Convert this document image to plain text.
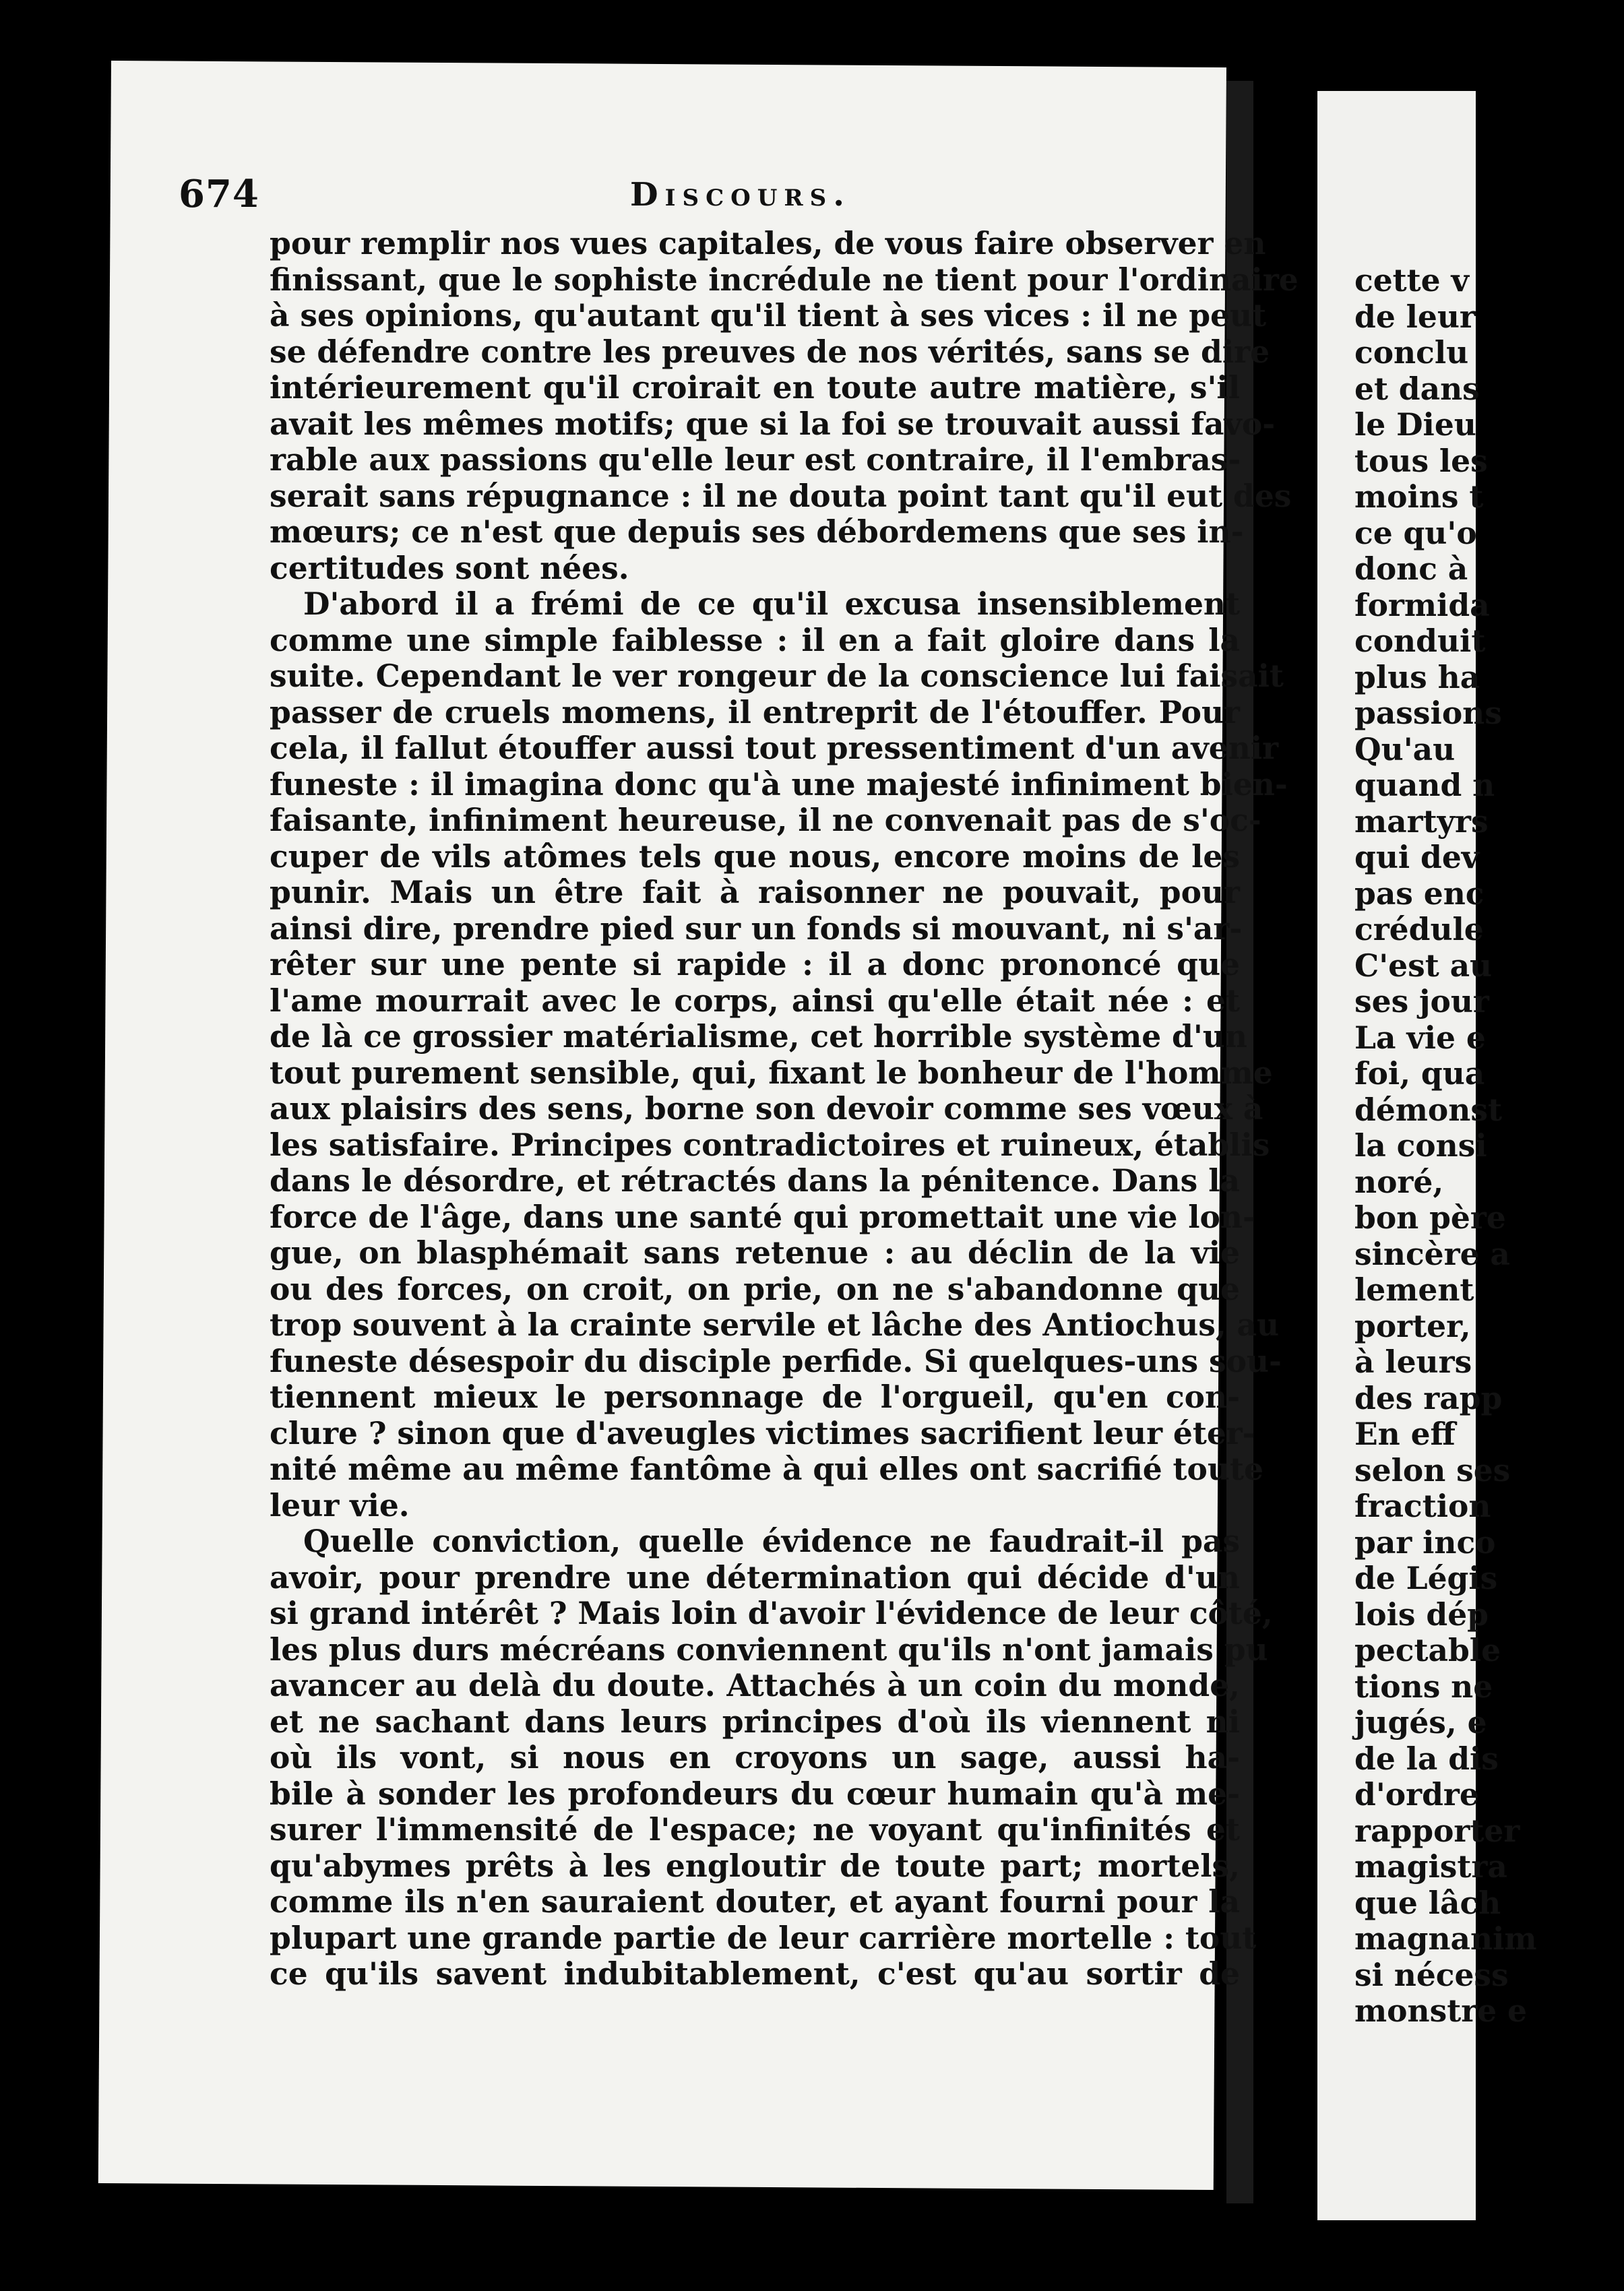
674	Discours.
pour remplir nos vues capitales, de vous faire observer en
finissant, que le sophiste incrédule ne tient pour l'ordinaire
à ses opinions, qu'autant qu'il tient à ses vices : il ne peut
se défendre contre les preuves de nos vérités, sans se dire
intérieurement qu'il croirait en toute autre matière, s'il
avait les mêmes motifs; que si la foi se trouvait aussi favo-
rable aux passions qu'elle leur est contraire, il l'embras-
serait sans répugnance : il ne douta point tant qu'il eut des
mœurs; ce n'est que depuis ses débordemens que ses in-
certitudes sont nées.
D'abord il a frémi de ce qu'il excusa insensiblement
comme une simple faiblesse : il en a fait gloire dans la
suite. Cependant le ver rongeur de la conscience lui faisait
passer de cruels momens, il entreprit de l'étouffer. Pour
cela, il fallut étouffer aussi tout pressentiment d'un avenir
funeste : il imagina donc qu'à une majesté infiniment bien-
faisante, infiniment heureuse, il ne convenait pas de s'oc-
cuper de vils atômes tels que nous, encore moins de les
punir. Mais un être fait à raisonner ne pouvait, pour
ainsi dire, prendre pied sur un fonds si mouvant, ni s'ar-
rêter sur une pente si rapide : il a donc prononcé que
l'ame mourrait avec le corps, ainsi qu'elle était née : et
de là ce grossier matérialisme, cet horrible système d'un
tout purement sensible, qui, fixant le bonheur de l'homme
aux plaisirs des sens, borne son devoir comme ses vœux à
les satisfaire. Principes contradictoires et ruineux, établis
dans le désordre, et rétractés dans la pénitence. Dans la
force de l'âge, dans une santé qui promettait une vie lon-
gue, on blasphémait sans retenue : au déclin de la vie
ou des forces, on croit, on prie, on ne s'abandonne que
trop souvent à la crainte servile et lâche des Antiochus, au
funeste désespoir du disciple perfide. Si quelques-uns sou-
tiennent mieux le personnage de l'orgueil, qu'en con-
clure ? sinon que d'aveugles victimes sacrifient leur éter-
nité même au même fantôme à qui elles ont sacrifié toute
leur vie.
Quelle conviction, quelle évidence ne faudrait-il pas
avoir, pour prendre une détermination qui décide d'un
si grand intérêt ? Mais loin d'avoir l'évidence de leur côté,
les plus durs mécréans conviennent qu'ils n'ont jamais pu
avancer au delà du doute. Attachés à un coin du monde,
et ne sachant dans leurs principes d'où ils viennent ni
où ils vont, si nous en croyons un sage, aussi ha-
bile à sonder les profondeurs du cœur humain qu'à me-
surer l'immensité de l'espace; ne voyant qu'infinités et
qu'abymes prêts à les engloutir de toute part; mortels,
comme ils n'en sauraient douter, et ayant fourni pour la
plupart une grande partie de leur carrière mortelle : tout
ce qu'ils savent indubitablement, c'est qu'au sortir de
cette v
de leur
conclu
et dans
le Dieu
tous les
moins t
ce qu'o
donc à
formida
conduit
plus ha
passions
Qu'au
quand n
martyrs
qui dev
pas enc
crédule
C'est au
ses jour
La vie e
foi, qua
démonst
la consi
noré,
bon père
sincère a
lement
porter,
à leurs
des rapp
En eff
selon ses
fraction
par inco
de Légis
lois dép
pectable
tions ne
jugés, e
de la dis
d'ordre
rapporter
magistra
que lâch
magnanim
si nécess
monstre e
